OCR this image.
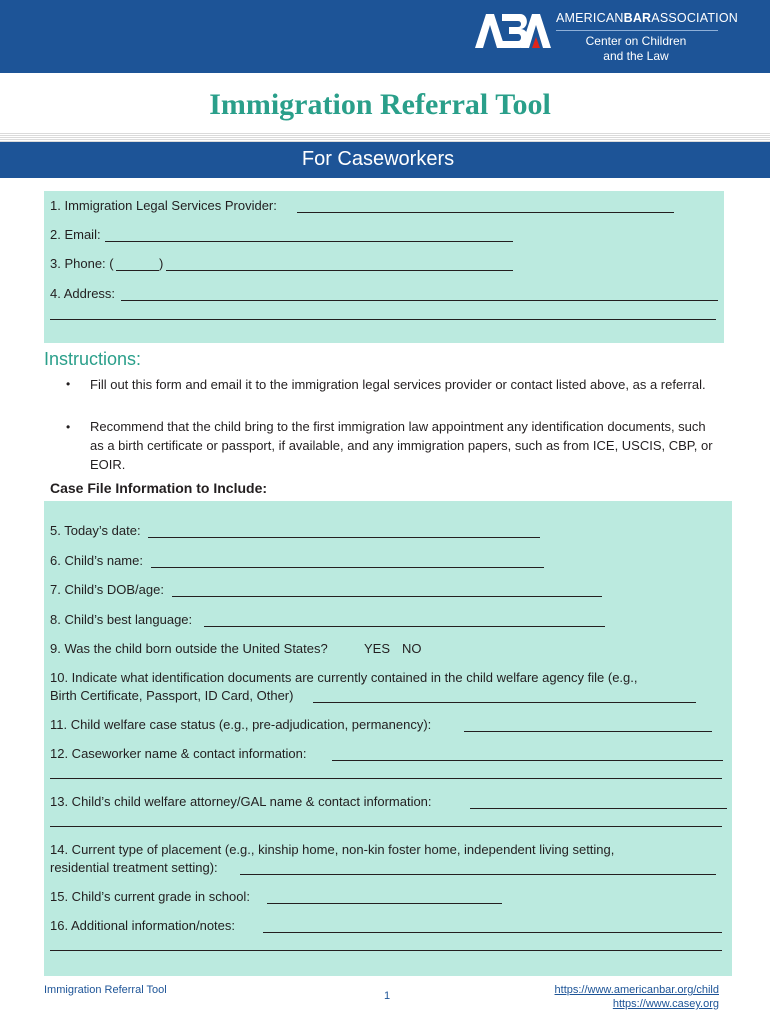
AMERICANBARASSOCIATION
Center on Children
and the Law
Immigration Referral Tool
For Caseworkers
1. Immigration Legal Services Provider:
2. Email:
3. Phone: (	)
4. Address:
Instructions:
• Fill out this form and email it to the immigration legal services provider or contact listed above, as a referral.
• Recommend that the child bring to the first immigration law appointment any identification documents, such as a birth certificate or passport, if available, and any immigration papers, such as from ICE, USCIS, CBP, or EOIR.
Case File Information to Include:
5. Today’s date:
6. Child’s name:
7. Child’s DOB/age:
8. Child’s best language:
9. Was the child born outside the United States?	YES NO
10. Indicate what identification documents are currently contained in the child welfare agency file (e.g.,
Birth Certificate, Passport, ID Card, Other)
11. Child welfare case status (e.g., pre-adjudication, permanency):
12. Caseworker name & contact information:
13. Child’s child welfare attorney/GAL name & contact information:
14. Current type of placement (e.g., kinship home, non-kin foster home, independent living setting,
residential treatment setting):
15. Child’s current grade in school:
16. Additional information/notes:
Immigration Referral Tool	1	https://www.americanbar.org/child
https://www.casey.org
